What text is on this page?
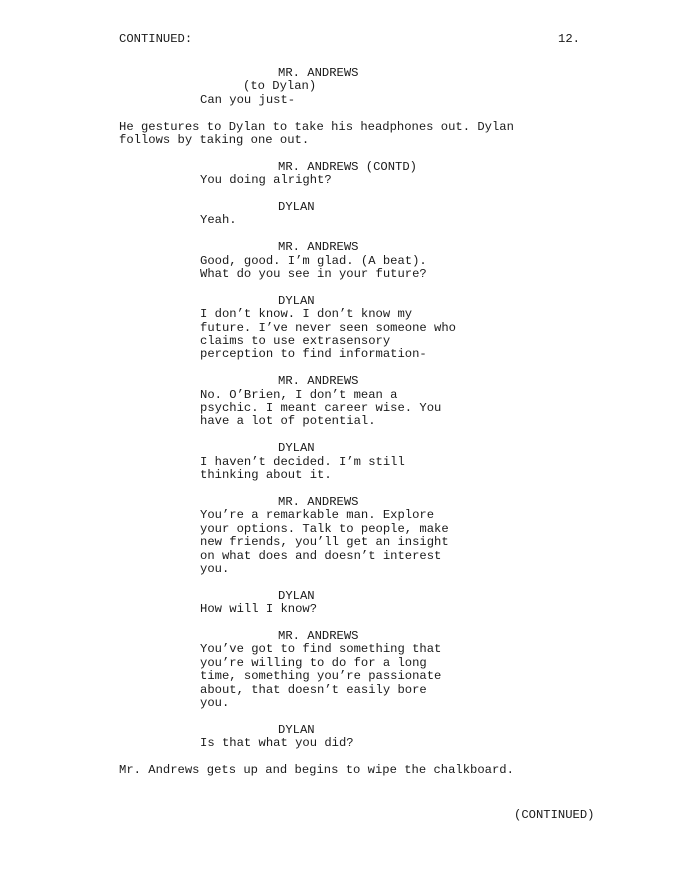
CONTINUED:	12.
MR. ANDREWS
(to Dylan)
Can you just-
He gestures to Dylan to take his headphones out. Dylan
follows by taking one out.
MR. ANDREWS (CONTD)
You doing alright?
DYLAN
Yeah.
MR. ANDREWS
Good, good. I’m glad. (A beat).
What do you see in your future?
DYLAN
I don’t know. I don’t know my
future. I’ve never seen someone who
claims to use extrasensory
perception to find information-
MR. ANDREWS
No. O’Brien, I don’t mean a
psychic. I meant career wise. You
have a lot of potential.
DYLAN
I haven’t decided. I’m still
thinking about it.
MR. ANDREWS
You’re a remarkable man. Explore
your options. Talk to people, make
new friends, you’ll get an insight
on what does and doesn’t interest
you.
DYLAN
How will I know?
MR. ANDREWS
You’ve got to find something that
you’re willing to do for a long
time, something you’re passionate
about, that doesn’t easily bore
you.
DYLAN
Is that what you did?
Mr. Andrews gets up and begins to wipe the chalkboard.
(CONTINUED)
